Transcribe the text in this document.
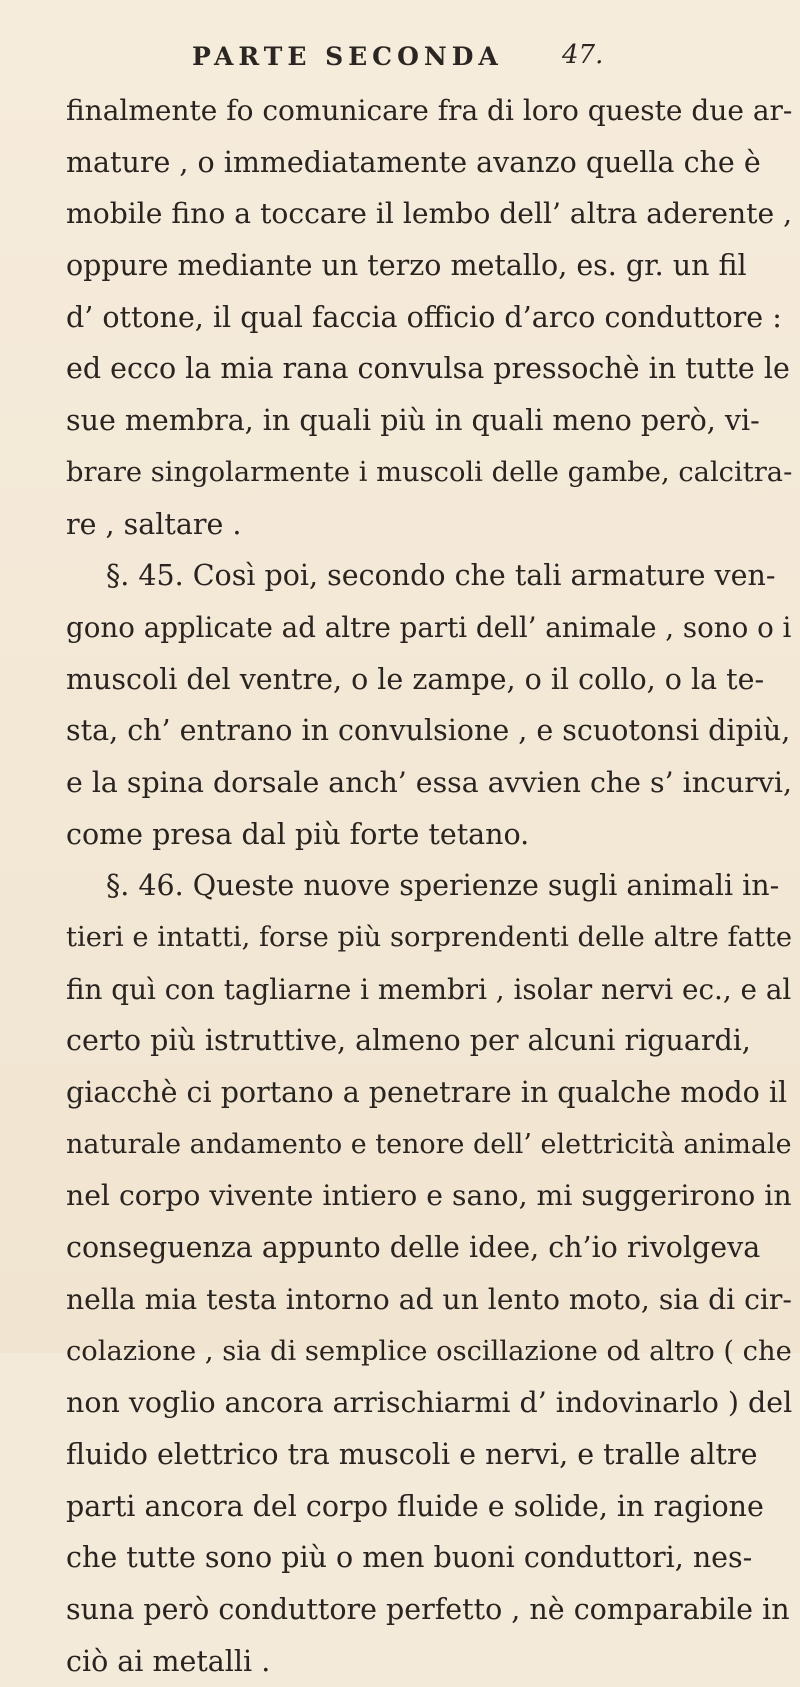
PARTE SECONDA 47.
finalmente fo comunicare fra di loro queste due ar-
mature , o immediatamente avanzo quella che è
mobile fino a toccare il lembo dell’ altra aderente ,
oppure mediante un terzo metallo, es. gr. un fil
d’ ottone, il qual faccia officio d’arco conduttore :
ed ecco la mia rana convulsa pressochè in tutte le
sue membra, in quali più in quali meno però, vi-
brare singolarmente i muscoli delle gambe, calcitra-
re , saltare .
§. 45. Così poi, secondo che tali armature ven-
gono applicate ad altre parti dell’ animale , sono o i
muscoli del ventre, o le zampe, o il collo, o la te-
sta, ch’ entrano in convulsione , e scuotonsi dipiù,
e la spina dorsale anch’ essa avvien che s’ incurvi,
come presa dal più forte tetano.
§. 46. Queste nuove sperienze sugli animali in-
tieri e intatti, forse più sorprendenti delle altre fatte
fin quì con tagliarne i membri , isolar nervi ec., e al
certo più istruttive, almeno per alcuni riguardi,
giacchè ci portano a penetrare in qualche modo il
naturale andamento e tenore dell’ elettricità animale
nel corpo vivente intiero e sano, mi suggerirono in
conseguenza appunto delle idee, ch’io rivolgeva
nella mia testa intorno ad un lento moto, sia di cir-
colazione , sia di semplice oscillazione od altro ( che
non voglio ancora arrischiarmi d’ indovinarlo ) del
fluido elettrico tra muscoli e nervi, e tralle altre
parti ancora del corpo fluide e solide, in ragione
che tutte sono più o men buoni conduttori, nes-
suna però conduttore perfetto , nè comparabile in
ciò ai metalli .
